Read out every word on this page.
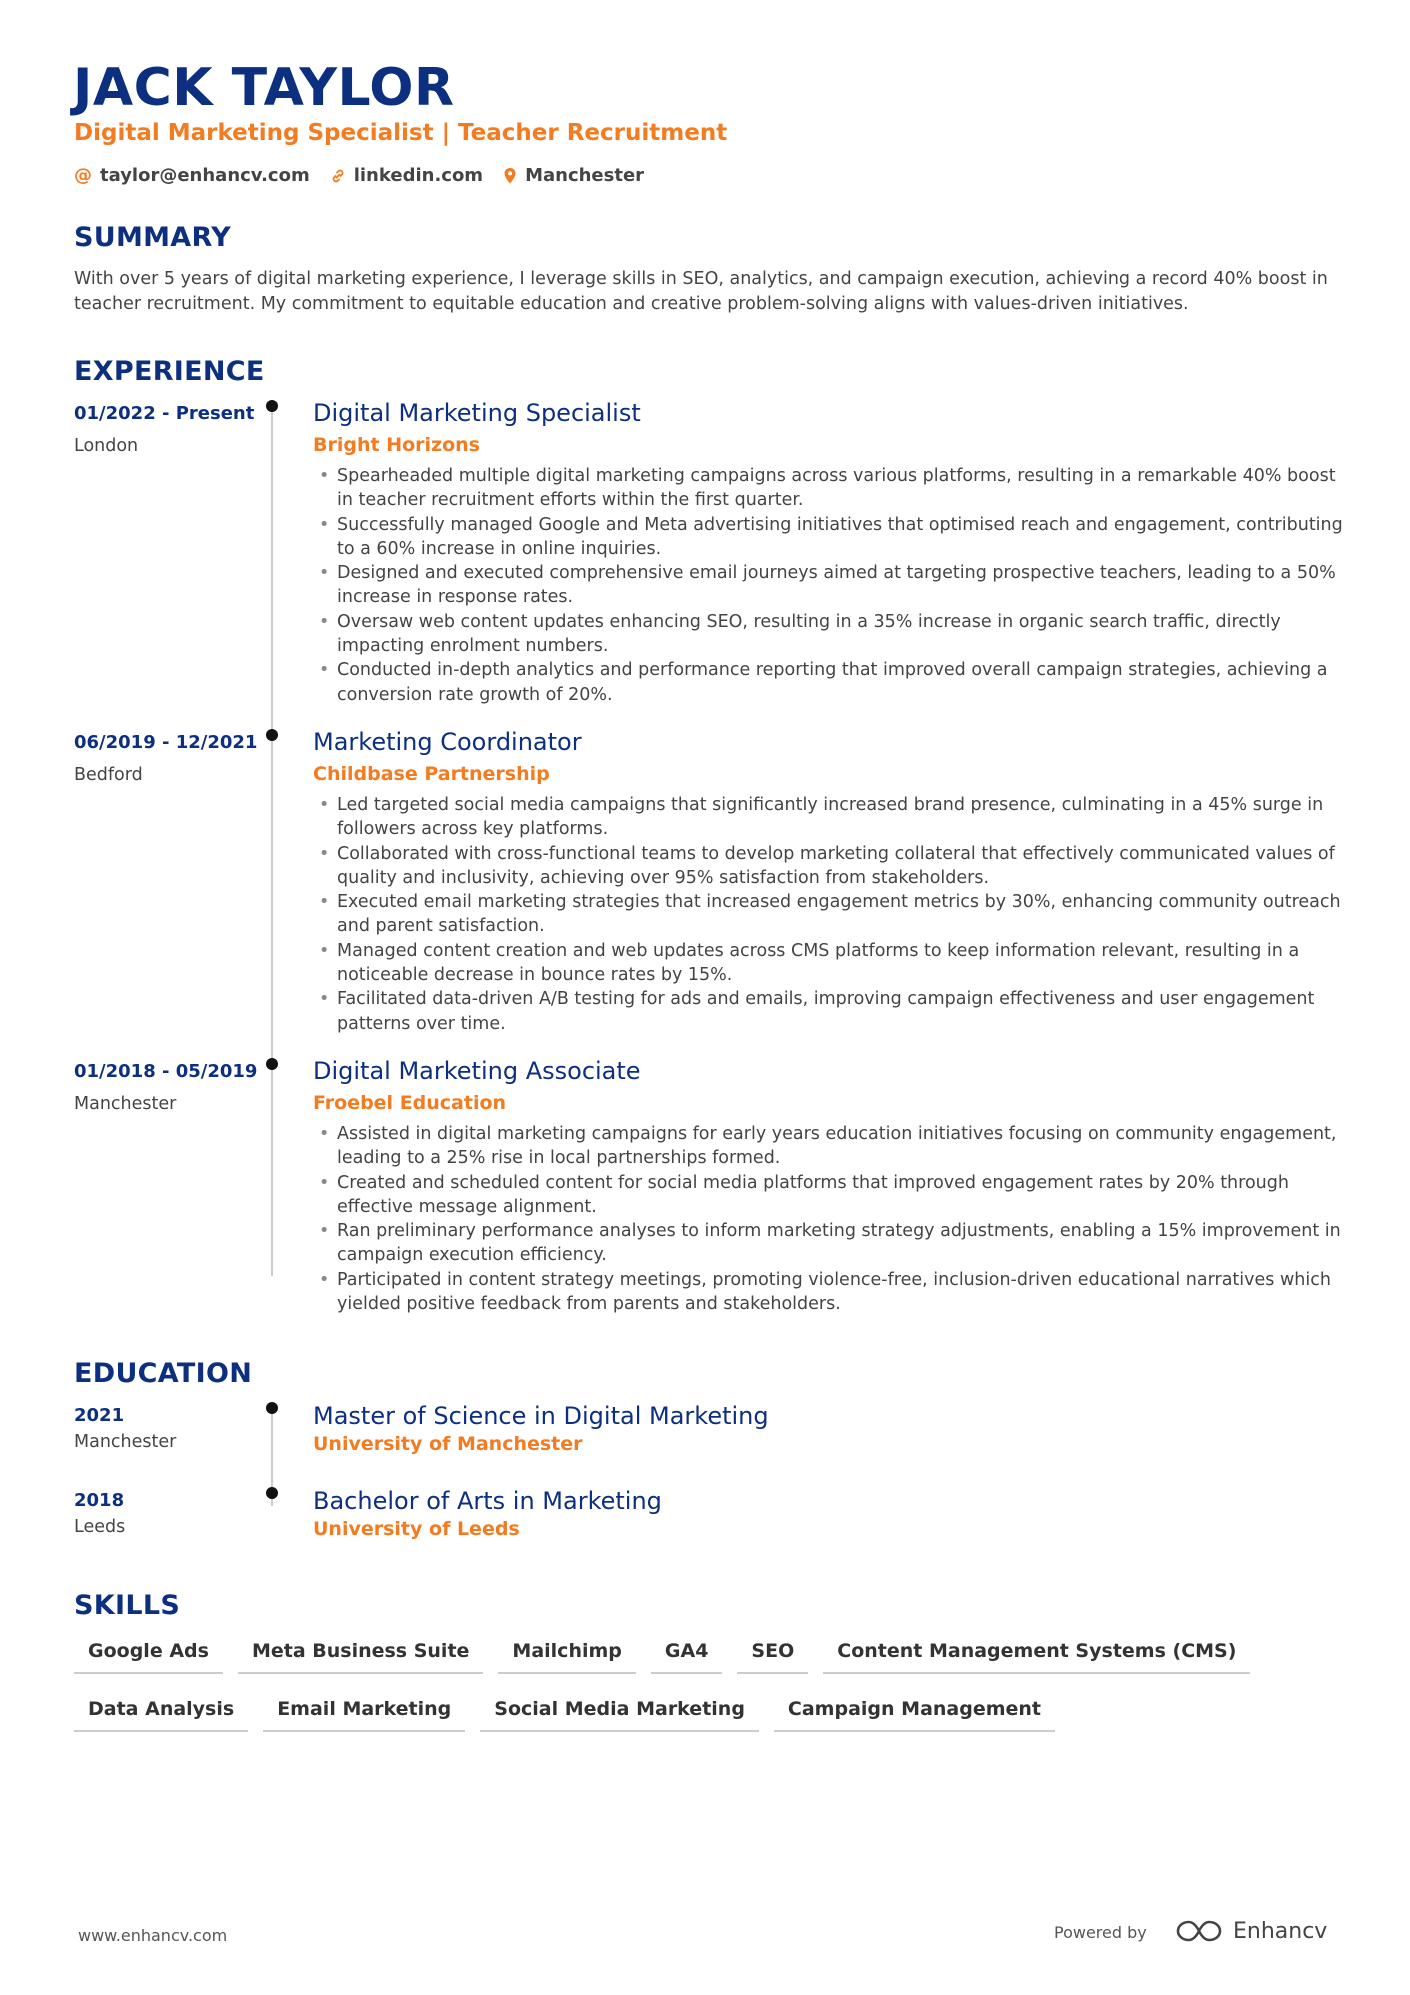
JACK TAYLOR
Digital Marketing Specialist | Teacher Recruitment
@ taylor@enhancv.com linkedin.com Manchester
SUMMARY
With over 5 years of digital marketing experience, I leverage skills in SEO, analytics, and campaign execution, achieving a record 40% boost in teacher recruitment. My commitment to equitable education and creative problem-solving aligns with values-driven initiatives.
EXPERIENCE
01/2022 - Present
London
Digital Marketing Specialist
Bright Horizons
• Spearheaded multiple digital marketing campaigns across various platforms, resulting in a remarkable 40% boost in teacher recruitment efforts within the first quarter.
• Successfully managed Google and Meta advertising initiatives that optimised reach and engagement, contributing to a 60% increase in online inquiries.
• Designed and executed comprehensive email journeys aimed at targeting prospective teachers, leading to a 50% increase in response rates.
• Oversaw web content updates enhancing SEO, resulting in a 35% increase in organic search traffic, directly impacting enrolment numbers.
• Conducted in-depth analytics and performance reporting that improved overall campaign strategies, achieving a conversion rate growth of 20%.
06/2019 - 12/2021
Bedford
Marketing Coordinator
Childbase Partnership
• Led targeted social media campaigns that significantly increased brand presence, culminating in a 45% surge in followers across key platforms.
• Collaborated with cross-functional teams to develop marketing collateral that effectively communicated values of quality and inclusivity, achieving over 95% satisfaction from stakeholders.
• Executed email marketing strategies that increased engagement metrics by 30%, enhancing community outreach and parent satisfaction.
• Managed content creation and web updates across CMS platforms to keep information relevant, resulting in a noticeable decrease in bounce rates by 15%.
• Facilitated data-driven A/B testing for ads and emails, improving campaign effectiveness and user engagement patterns over time.
01/2018 - 05/2019
Manchester
Digital Marketing Associate
Froebel Education
• Assisted in digital marketing campaigns for early years education initiatives focusing on community engagement, leading to a 25% rise in local partnerships formed.
• Created and scheduled content for social media platforms that improved engagement rates by 20% through effective message alignment.
• Ran preliminary performance analyses to inform marketing strategy adjustments, enabling a 15% improvement in campaign execution efficiency.
• Participated in content strategy meetings, promoting violence-free, inclusion-driven educational narratives which yielded positive feedback from parents and stakeholders.
EDUCATION
2021
Manchester
Master of Science in Digital Marketing
University of Manchester
2018
Leeds
Bachelor of Arts in Marketing
University of Leeds
SKILLS
Google Ads	Meta Business Suite	Mailchimp	GA4	SEO	Content Management Systems (CMS)
Data Analysis	Email Marketing	Social Media Marketing	Campaign Management
www.enhancv.com	Powered by	Enhancv
